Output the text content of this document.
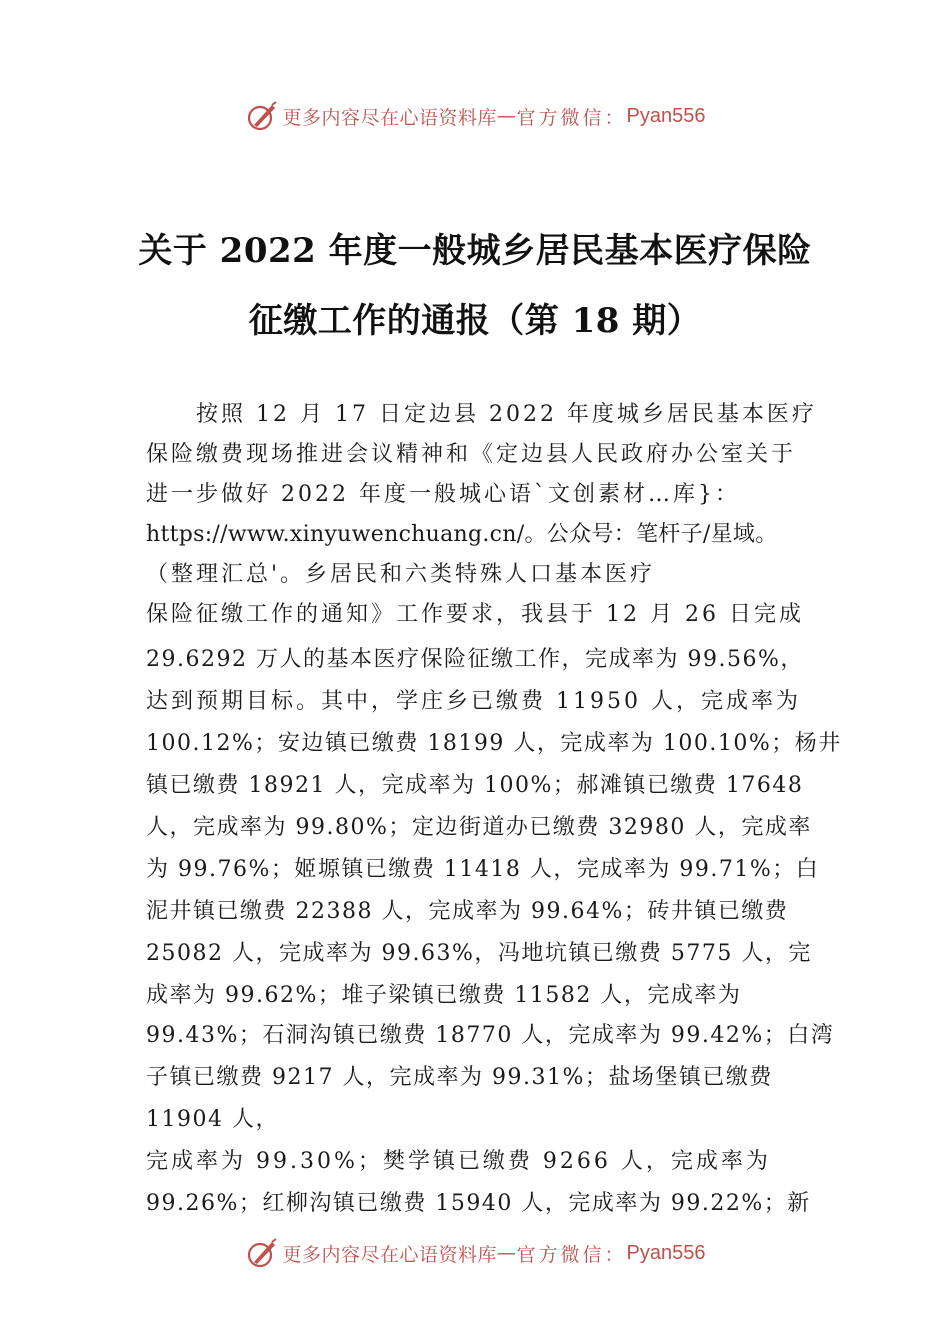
更多内容尽在心语资料库 — 官方微信： Pyan556
关于 2022 年度一般城乡居民基本医疗保险
征缴工作的通报（第 18 期）
按照 12 月 17 日定边县 2022 年度城乡居民基本医疗
保险缴费现场推进会议精神和《定边县人民政府办公室关于
进一步做好 2022 年度一般城心语`文创素材…库}：
https://www.xinyuwenchuang.cn/。公众号：笔杆子/星域。
（整理汇总'。乡居民和六类特殊人口基本医疗
保险征缴工作的通知》工作要求，我县于 12 月 26 日完成
29.6292 万人的基本医疗保险征缴工作，完成率为 99.56%，
达到预期目标。其中，学庄乡已缴费 11950 人，完成率为
100.12%；安边镇已缴费 18199 人，完成率为 100.10%；杨井
镇已缴费 18921 人，完成率为 100%；郝滩镇已缴费 17648
人，完成率为 99.80%；定边街道办已缴费 32980 人，完成率
为 99.76%；姬塬镇已缴费 11418 人，完成率为 99.71%；白
泥井镇已缴费 22388 人，完成率为 99.64%；砖井镇已缴费
25082 人，完成率为 99.63%，冯地坑镇已缴费 5775 人，完
成率为 99.62%；堆子梁镇已缴费 11582 人，完成率为
99.43%；石洞沟镇已缴费 18770 人，完成率为 99.42%；白湾
子镇已缴费 9217 人，完成率为 99.31%；盐场堡镇已缴费
11904 人，
完成率为 99.30%；樊学镇已缴费 9266 人，完成率为
99.26%；红柳沟镇已缴费 15940 人，完成率为 99.22%；新
更多内容尽在心语资料库 — 官方微信： Pyan556
